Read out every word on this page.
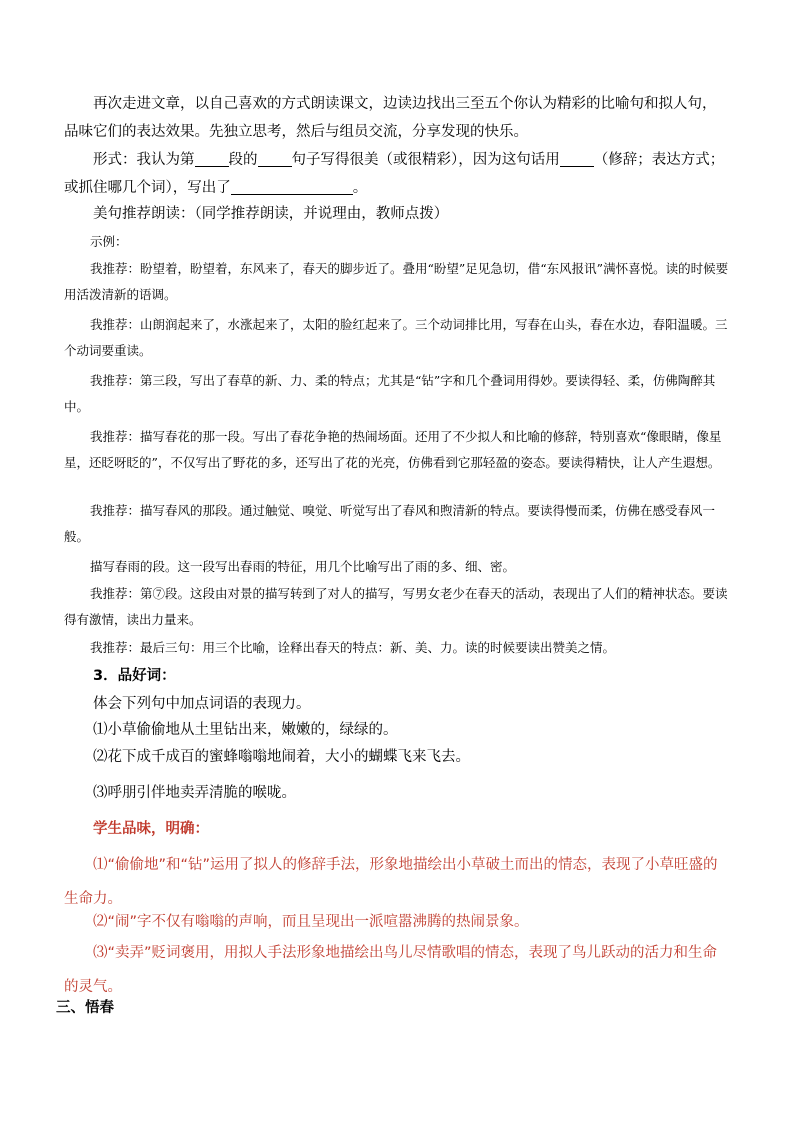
再次走进文章，以自己喜欢的方式朗读课文，边读边找出三至五个你认为精彩的比喻句和拟人句，品味它们的表达效果。先独立思考，然后与组员交流，分享发现的快乐。

形式：我认为第 段的 句子写得很美（或很精彩），因为这句话用 （修辞；表达方式；或抓住哪几个词），写出了	。

美句推荐朗读：（同学推荐朗读，并说理由，教师点拨）

示例：

我推荐：盼望着，盼望着，东风来了，春天的脚步近了。叠用“盼望”足见急切，借“东风报讯”满怀喜悦。读的时候要用活泼清新的语调。

我推荐：山朗润起来了，水涨起来了，太阳的脸红起来了。三个动词排比用，写春在山头，春在水边，春阳温暖。三个动词要重读。

我推荐：第三段，写出了春草的新、力、柔的特点；尤其是“钻”字和几个叠词用得妙。要读得轻、柔，仿佛陶醉其中。

我推荐：描写春花的那一段。写出了春花争艳的热闹场面。还用了不少拟人和比喻的修辞，特别喜欢“像眼睛，像星星，还眨呀眨的”，不仅写出了野花的多，还写出了花的光亮，仿佛看到它那轻盈的姿态。要读得精快，让人产生遐想。

我推荐：描写春风的那段。通过触觉、嗅觉、听觉写出了春风和煦清新的特点。要读得慢而柔，仿佛在感受春风一般。

描写春雨的段。这一段写出春雨的特征，用几个比喻写出了雨的多、细、密。

我推荐：第⑦段。这段由对景的描写转到了对人的描写，写男女老少在春天的活动，表现出了人们的精神状态。要读得有激情，读出力量来。

我推荐：最后三句：用三个比喻，诠释出春天的特点：新、美、力。读的时候要读出赞美之情。

3．品好词：

体会下列句中加点词语的表现力。

⑴小草偷偷地从土里钻出来，嫩嫩的，绿绿的。

⑵花下成千成百的蜜蜂嗡嗡地闹着，大小的蝴蝶飞来飞去。

⑶呼朋引伴地卖弄清脆的喉咙。

学生品味，明确：

⑴“偷偷地”和“钻”运用了拟人的修辞手法，形象地描绘出小草破土而出的情态，表现了小草旺盛的生命力。

⑵“闹”字不仅有嗡嗡的声响，而且呈现出一派喧嚣沸腾的热闹景象。

⑶“卖弄”贬词褒用，用拟人手法形象地描绘出鸟儿尽情歌唱的情态，表现了鸟儿跃动的活力和生命的灵气。

三、悟春
